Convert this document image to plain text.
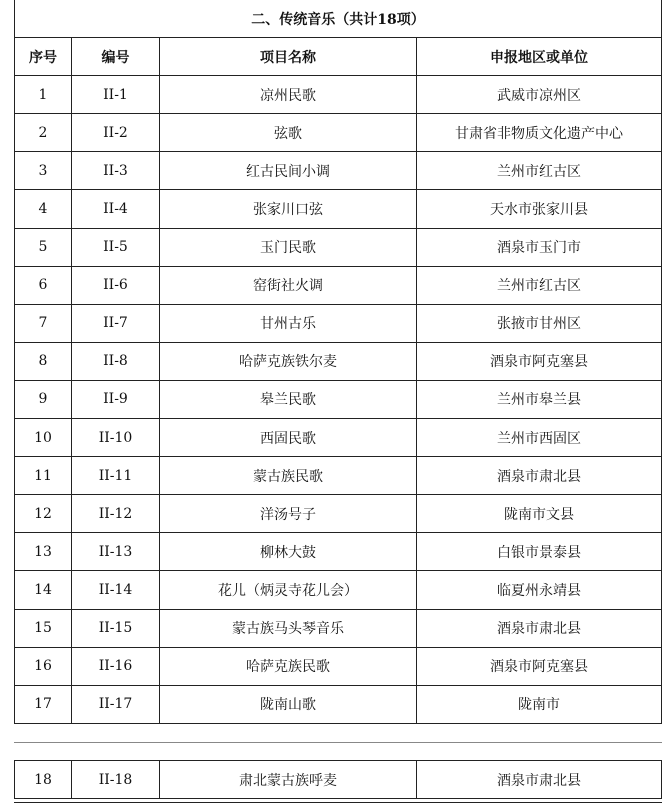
二、传统音乐（共计18项）			
序号	编号	项目名称	申报地区或单位
1	II-1	凉州民歌	武威市凉州区
2	II-2	弦歌	甘肃省非物质文化遗产中心
3	II-3	红古民间小调	兰州市红古区
4	II-4	张家川口弦	天水市张家川县
5	II-5	玉门民歌	酒泉市玉门市
6	II-6	窑街社火调	兰州市红古区
7	II-7	甘州古乐	张掖市甘州区
8	II-8	哈萨克族铁尔麦	酒泉市阿克塞县
9	II-9	皋兰民歌	兰州市皋兰县
10	II-10	西固民歌	兰州市西固区
11	II-11	蒙古族民歌	酒泉市肃北县
12	II-12	洋汤号子	陇南市文县
13	II-13	柳林大鼓	白银市景泰县
14	II-14	花儿（炳灵寺花儿会）	临夏州永靖县
15	II-15	蒙古族马头琴音乐	酒泉市肃北县
16	II-16	哈萨克族民歌	酒泉市阿克塞县
17	II-17	陇南山歌	陇南市
18	II-18	肃北蒙古族呼麦	酒泉市肃北县
